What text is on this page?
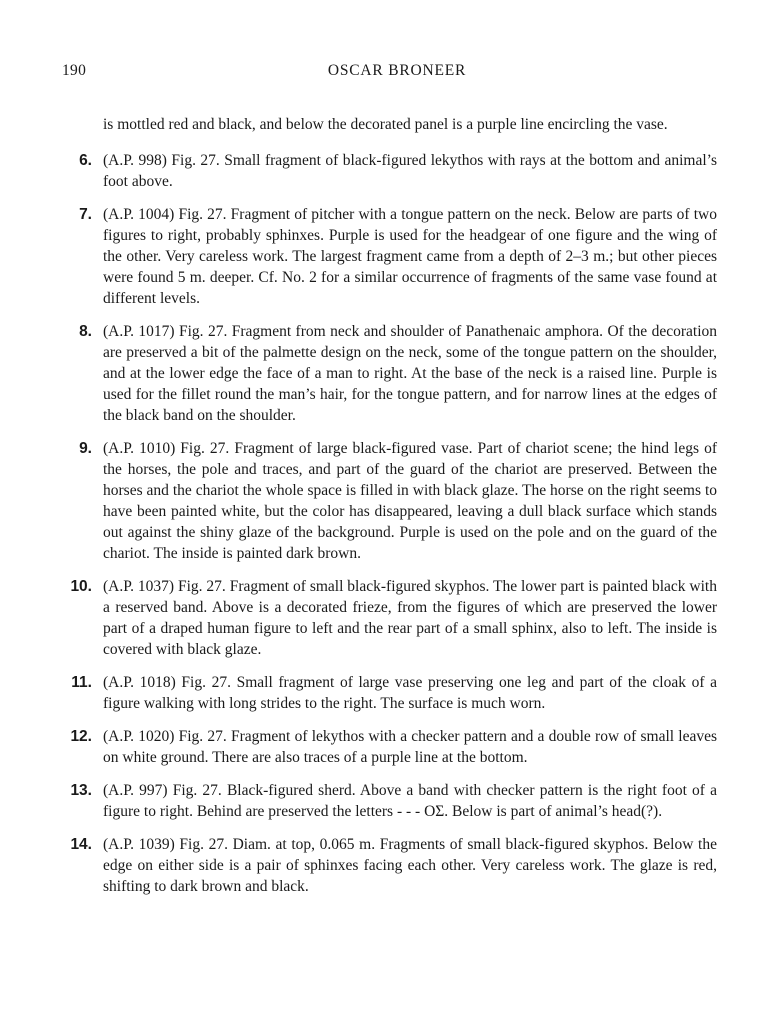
190	OSCAR BRONEER

is mottled red and black, and below the decorated panel is a purple line encircling the vase.

6. (A.P. 998) Fig. 27. Small fragment of black-figured lekythos with rays at the bottom and animal’s foot above.
7. (A.P. 1004) Fig. 27. Fragment of pitcher with a tongue pattern on the neck. Below are parts of two figures to right, probably sphinxes. Purple is used for the headgear of one figure and the wing of the other. Very careless work. The largest fragment came from a depth of 2–3 m.; but other pieces were found 5 m. deeper. Cf. No. 2 for a similar occurrence of fragments of the same vase found at different levels.
8. (A.P. 1017) Fig. 27. Fragment from neck and shoulder of Panathenaic amphora. Of the decoration are preserved a bit of the palmette design on the neck, some of the tongue pattern on the shoulder, and at the lower edge the face of a man to right. At the base of the neck is a raised line. Purple is used for the fillet round the man’s hair, for the tongue pattern, and for narrow lines at the edges of the black band on the shoulder.
9. (A.P. 1010) Fig. 27. Fragment of large black-figured vase. Part of chariot scene; the hind legs of the horses, the pole and traces, and part of the guard of the chariot are preserved. Between the horses and the chariot the whole space is filled in with black glaze. The horse on the right seems to have been painted white, but the color has disappeared, leaving a dull black surface which stands out against the shiny glaze of the background. Purple is used on the pole and on the guard of the chariot. The inside is painted dark brown.
10. (A.P. 1037) Fig. 27. Fragment of small black-figured skyphos. The lower part is painted black with a reserved band. Above is a decorated frieze, from the figures of which are preserved the lower part of a draped human figure to left and the rear part of a small sphinx, also to left. The inside is covered with black glaze.
11. (A.P. 1018) Fig. 27. Small fragment of large vase preserving one leg and part of the cloak of a figure walking with long strides to the right. The surface is much worn.
12. (A.P. 1020) Fig. 27. Fragment of lekythos with a checker pattern and a double row of small leaves on white ground. There are also traces of a purple line at the bottom.
13. (A.P. 997) Fig. 27. Black-figured sherd. Above a band with checker pattern is the right foot of a figure to right. Behind are preserved the letters - - - ΟΣ. Below is part of animal’s head(?).
14. (A.P. 1039) Fig. 27. Diam. at top, 0.065 m. Fragments of small black-figured skyphos. Below the edge on either side is a pair of sphinxes facing each other. Very careless work. The glaze is red, shifting to dark brown and black.
